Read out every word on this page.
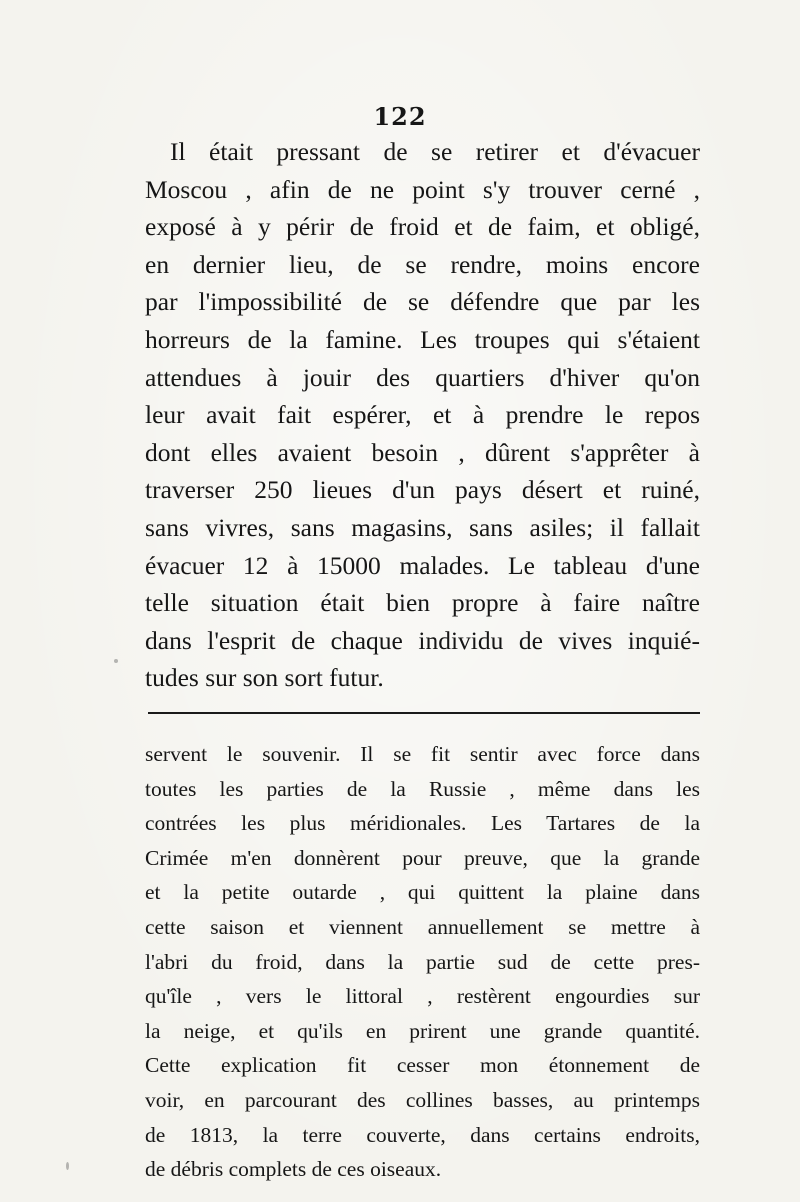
122
Il était pressant de se retirer et d'évacuer
Moscou , afin de ne point s'y trouver cerné ,
exposé à y périr de froid et de faim, et obligé,
en dernier lieu, de se rendre, moins encore
par l'impossibilité de se défendre que par les
horreurs de la famine. Les troupes qui s'étaient
attendues à jouir des quartiers d'hiver qu'on
leur avait fait espérer, et à prendre le repos
dont elles avaient besoin , dûrent s'apprêter à
traverser 250 lieues d'un pays désert et ruiné,
sans vivres, sans magasins, sans asiles; il fallait
évacuer 12 à 15000 malades. Le tableau d'une
telle situation était bien propre à faire naître
dans l'esprit de chaque individu de vives inquié-
tudes sur son sort futur.
servent le souvenir. Il se fit sentir avec force dans
toutes les parties de la Russie , même dans les
contrées les plus méridionales. Les Tartares de la
Crimée m'en donnèrent pour preuve, que la grande
et la petite outarde , qui quittent la plaine dans
cette saison et viennent annuellement se mettre à
l'abri du froid, dans la partie sud de cette pres-
qu'île , vers le littoral , restèrent engourdies sur
la neige, et qu'ils en prirent une grande quantité.
Cette explication fit cesser mon étonnement de
voir, en parcourant des collines basses, au printemps
de 1813, la terre couverte, dans certains endroits,
de débris complets de ces oiseaux.
